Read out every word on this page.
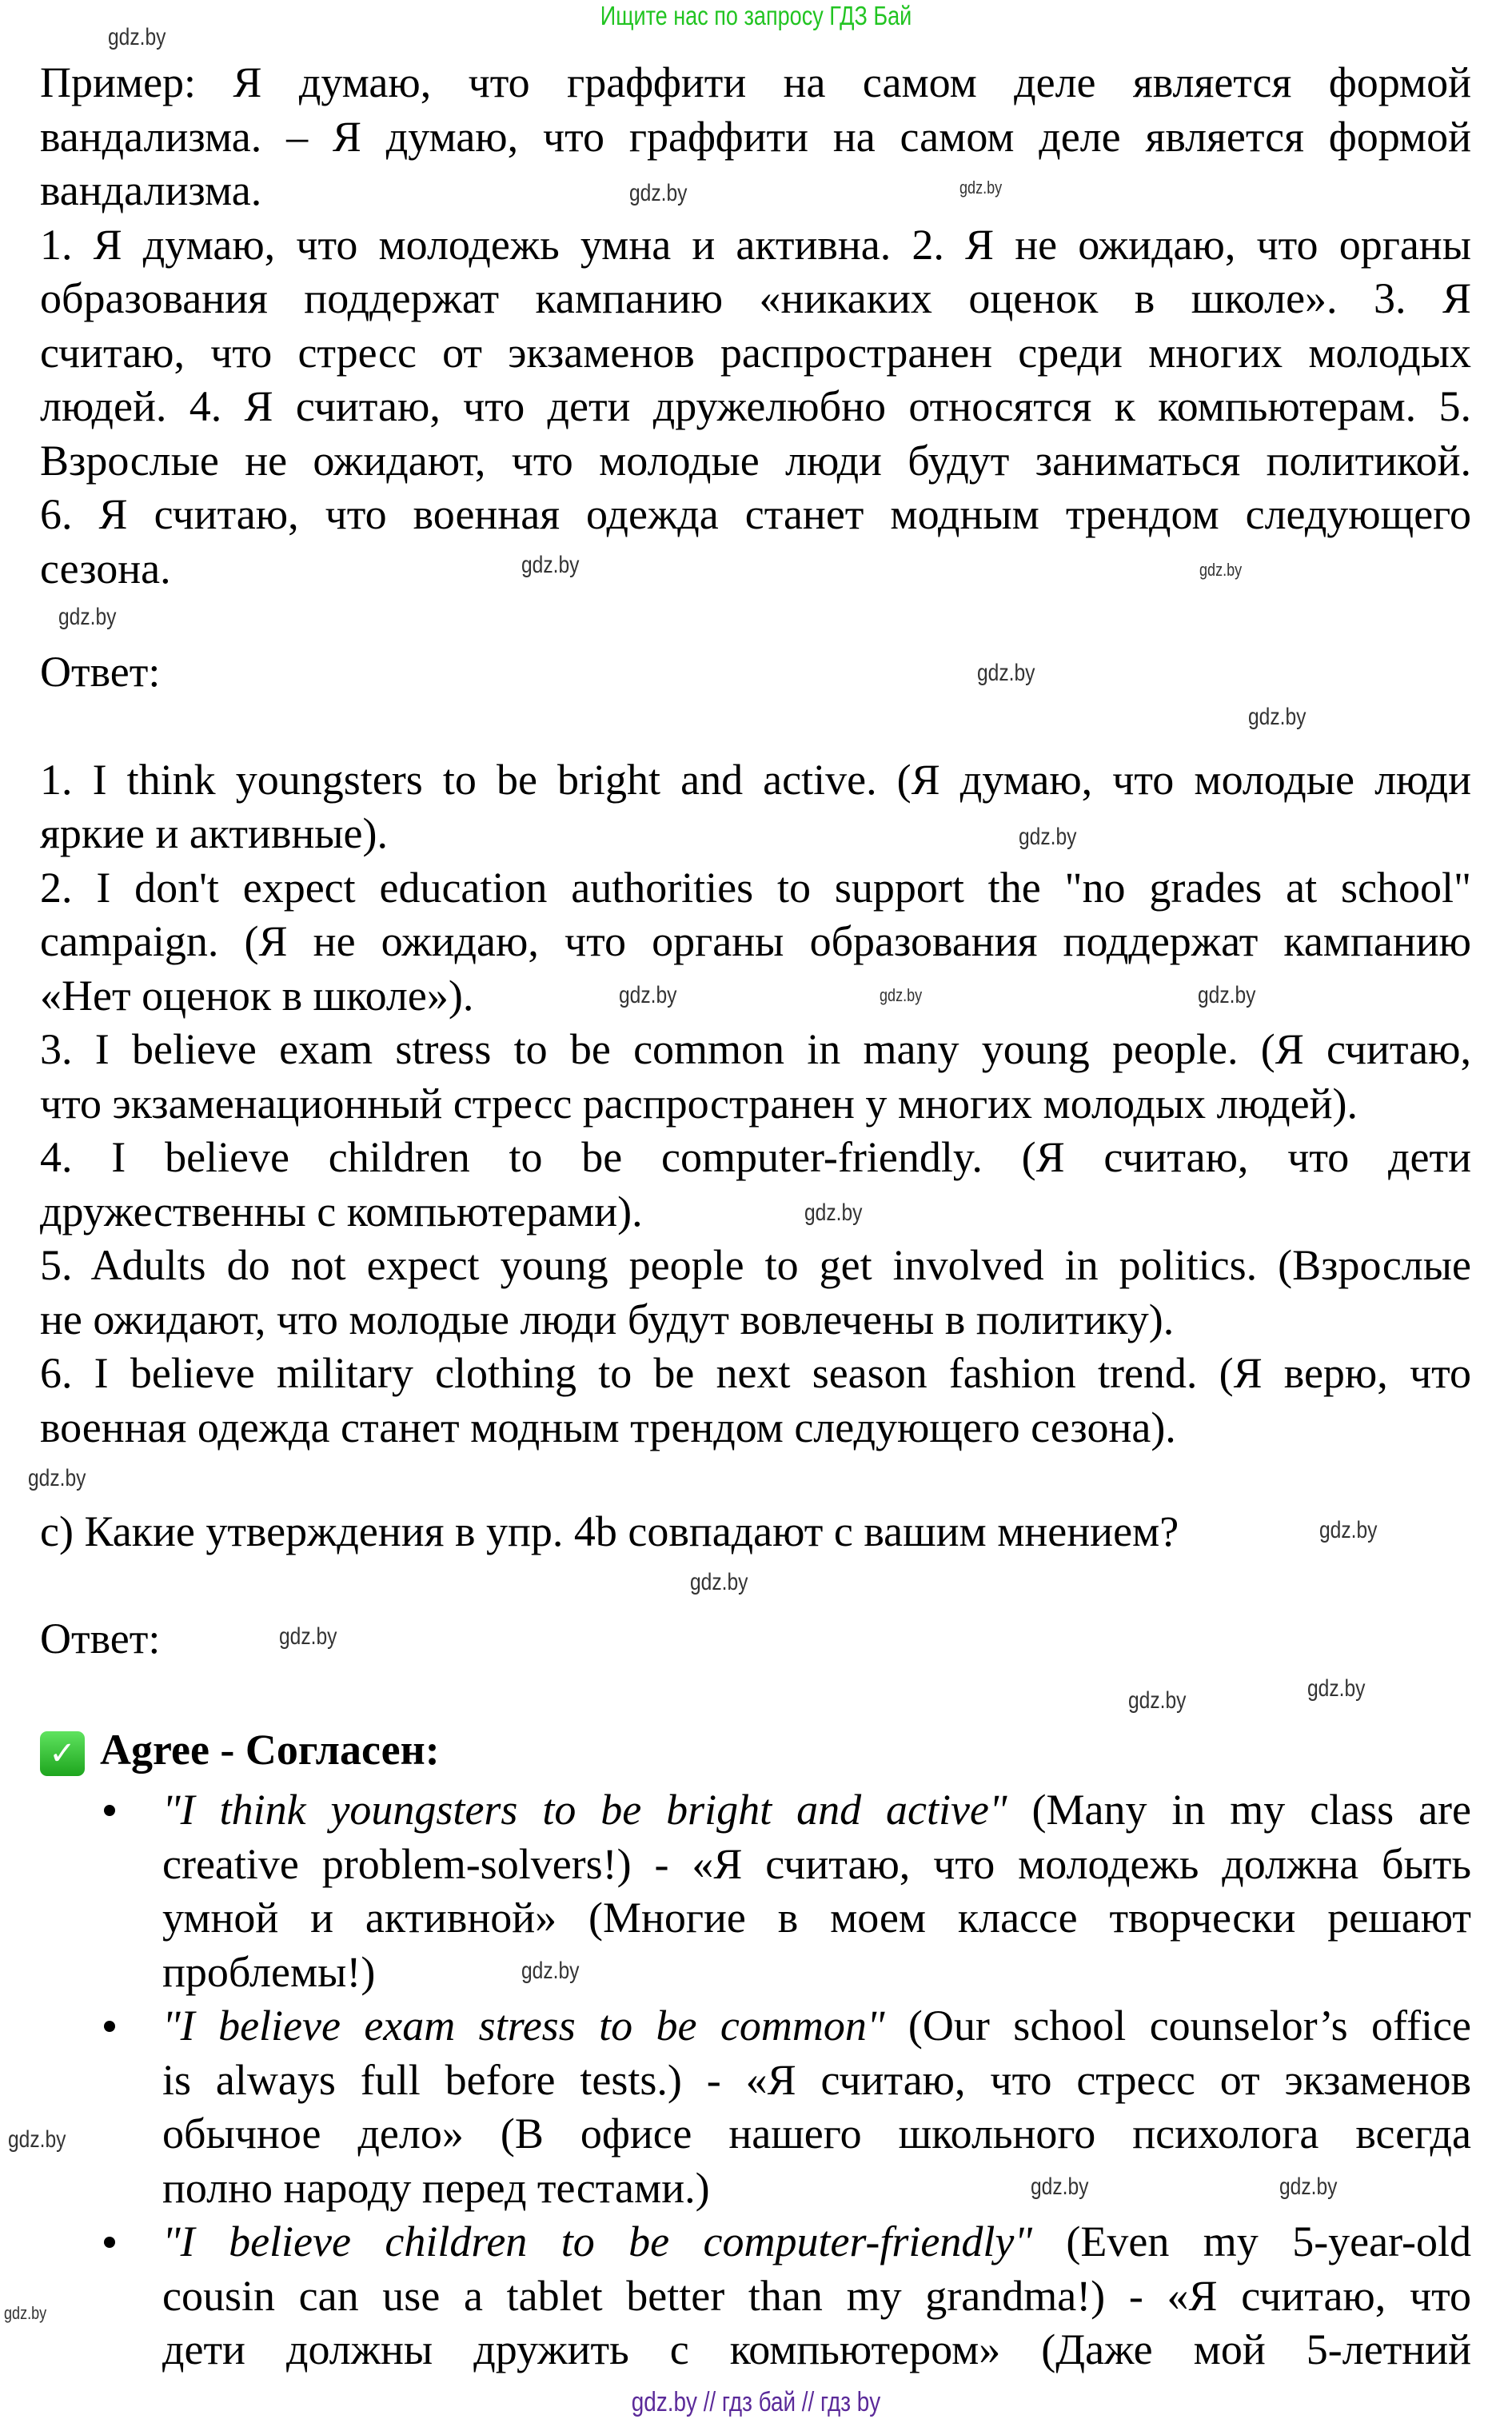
Ищите нас по запросу ГДЗ Бай
Пример: Я думаю, что граффити на самом деле является формой
вандализма. – Я думаю, что граффити на самом деле является формой
вандализма.
1. Я думаю, что молодежь умна и активна. 2. Я не ожидаю, что органы
образования поддержат кампанию «никаких оценок в школе». 3. Я
считаю, что стресс от экзаменов распространен среди многих молодых
людей. 4. Я считаю, что дети дружелюбно относятся к компьютерам. 5.
Взрослые не ожидают, что молодые люди будут заниматься политикой.
6. Я считаю, что военная одежда станет модным трендом следующего
сезона.
Ответ:
1. I think youngsters to be bright and active. (Я думаю, что молодые люди
яркие и активные).
2. I don't expect education authorities to support the "no grades at school"
campaign. (Я не ожидаю, что органы образования поддержат кампанию
«Нет оценок в школе»).
3. I believe exam stress to be common in many young people. (Я считаю,
что экзаменационный стресс распространен у многих молодых людей).
4. I believe children to be computer-friendly. (Я считаю, что дети
дружественны с компьютерами).
5. Adults do not expect young people to get involved in politics. (Взрослые
не ожидают, что молодые люди будут вовлечены в политику).
6. I believe military clothing to be next season fashion trend. (Я верю, что
военная одежда станет модным трендом следующего сезона).
c) Какие утверждения в упр. 4b совпадают с вашим мнением?
Ответ:
✓ Agree - Согласен:
"I think youngsters to be bright and active" (Many in my class are
creative problem-solvers!) - «Я считаю, что молодежь должна быть
умной и активной» (Многие в моем классе творчески решают
проблемы!)
"I believe exam stress to be common" (Our school counselor’s office
is always full before tests.) - «Я считаю, что стресс от экзаменов
обычное дело» (В офисе нашего школьного психолога всегда
полно народу перед тестами.)
"I believe children to be computer-friendly" (Even my 5-year-old
cousin can use a tablet better than my grandma!) - «Я считаю, что
дети должны дружить с компьютером» (Даже мой 5-летний
gdz.by
gdz.by
gdz.by
gdz.by
gdz.by
gdz.by
gdz.by
gdz.by
gdz.by
gdz.by	gdz.by
gdz.by
gdz.by
gdz.by
gdz.by
gdz.by
gdz.by
gdz.by
gdz.by
gdz.by
gdz.by
gdz.by
gdz.by
gdz.by
gdz.by // гдз бай // гдз by
